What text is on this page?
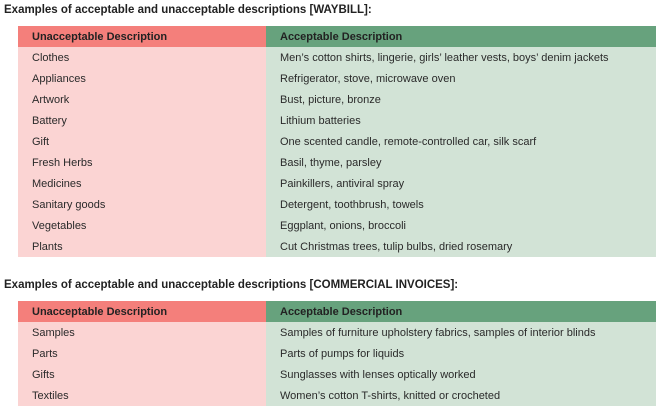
Examples of acceptable and unacceptable descriptions [WAYBILL]:
Unacceptable Description	Acceptable Description
Clothes	Men’s cotton shirts, lingerie, girls’ leather vests, boys’ denim jackets
Appliances	Refrigerator, stove, microwave oven
Artwork	Bust, picture, bronze
Battery	Lithium batteries
Gift	One scented candle, remote-controlled car, silk scarf
Fresh Herbs	Basil, thyme, parsley
Medicines	Painkillers, antiviral spray
Sanitary goods	Detergent, toothbrush, towels
Vegetables	Eggplant, onions, broccoli
Plants	Cut Christmas trees, tulip bulbs, dried rosemary
Examples of acceptable and unacceptable descriptions [COMMERCIAL INVOICES]:
Unacceptable Description	Acceptable Description
Samples	Samples of furniture upholstery fabrics, samples of interior blinds
Parts	Parts of pumps for liquids
Gifts	Sunglasses with lenses optically worked
Textiles	Women’s cotton T-shirts, knitted or crocheted
